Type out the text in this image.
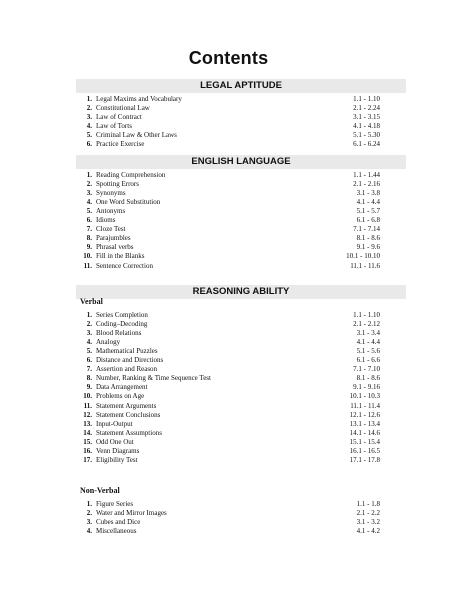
Contents
LEGAL APTITUDE
1. Legal Maxims and Vocabulary	1.1 - 1.10
2. Constitutional Law	2.1 - 2.24
3. Law of Contract	3.1 - 3.15
4. Law of Torts	4.1 - 4.18
5. Criminal Law & Other Laws	5.1 - 5.30
6. Practice Exercise	6.1 - 6.24
ENGLISH LANGUAGE
1. Reading Comprehension	1.1 - 1.44
2. Spotting Errors	2.1 - 2.16
3. Synonyms	3.1 - 3.8
4. One Word Substitution	4.1 - 4.4
5. Antonyms	5.1 - 5.7
6. Idioms	6.1 - 6.8
7. Cloze Test	7.1 - 7.14
8. Parajumbles	8.1 - 8.6
9. Phrasal verbs	9.1 - 9.6
10. Fill in the Blanks	10.1 - 10.10
11. Sentence Correction	11.1 - 11.6
REASONING ABILITY
Verbal
1. Series Completion	1.1 - 1.10
2. Coding–Decoding	2.1 - 2.12
3. Blood Relations	3.1 - 3.4
4. Analogy	4.1 - 4.4
5. Mathematical Puzzles	5.1 - 5.6
6. Distance and Directions	6.1 - 6.6
7. Assertion and Reason	7.1 - 7.10
8. Number, Ranking & Time Sequence Test	8.1 - 8.6
9. Data Arrangement	9.1 - 9.16
10. Problems on Age	10.1 - 10.3
11. Statement Arguments	11.1 - 11.4
12. Statement Conclusions	12.1 - 12.6
13. Input-Output	13.1 - 13.4
14. Statement Assumptions	14.1 - 14.6
15. Odd One Out	15.1 - 15.4
16. Venn Diagrams	16.1 - 16.5
17. Eligibility Test	17.1 - 17.8
Non-Verbal
1. Figure Series	1.1 - 1.8
2. Water and Mirror Images	2.1 - 2.2
3. Cubes and Dice	3.1 - 3.2
4. Miscellaneous	4.1 - 4.2
